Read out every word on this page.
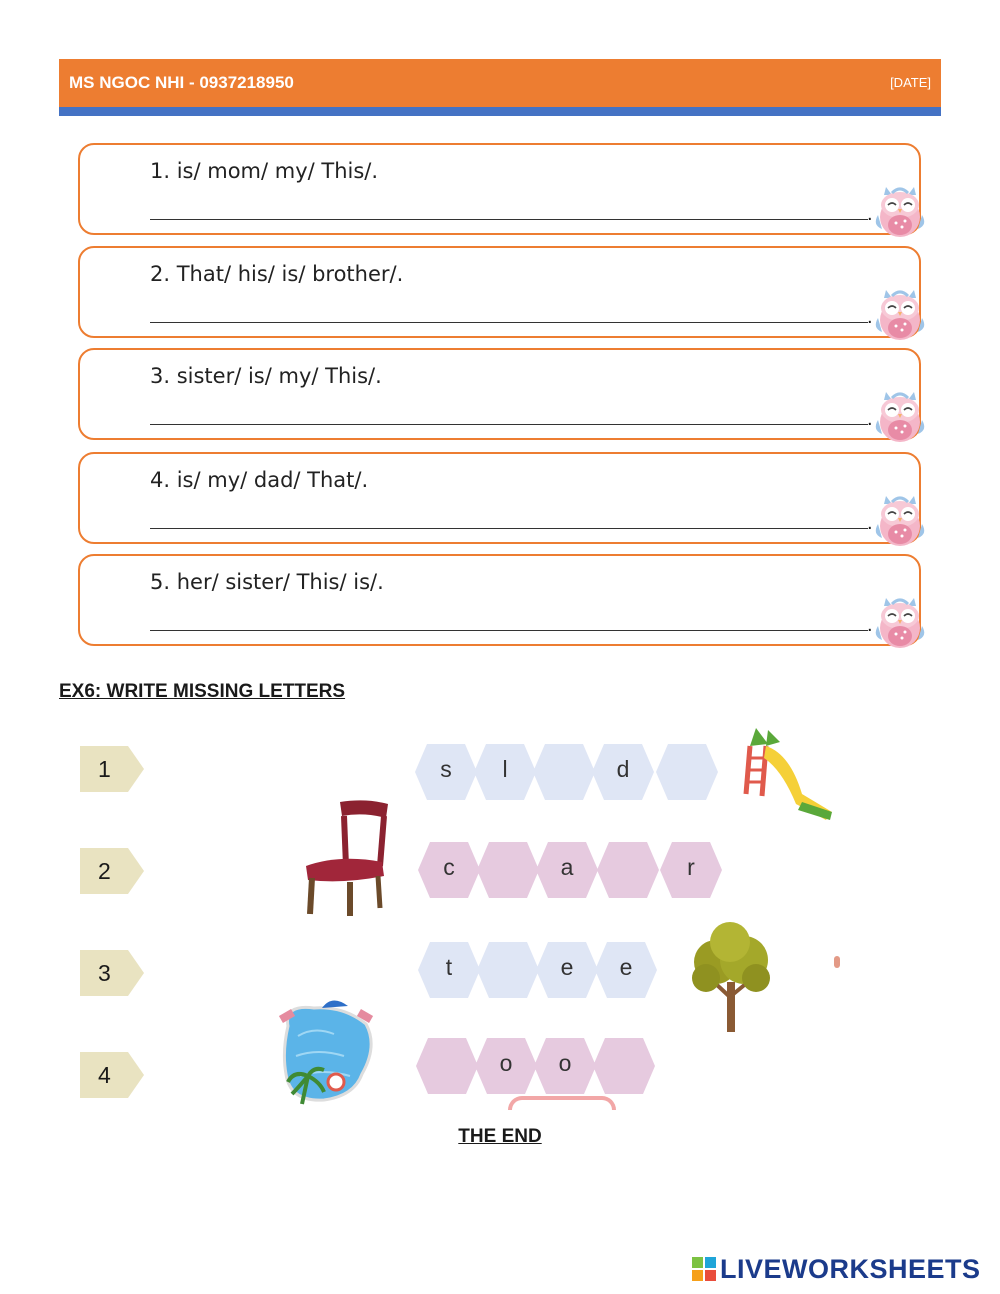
MS NGOC NHI - 0937218950	[DATE]
1. is/ mom/ my/ This/.
.
2. That/ his/ is/ brother/.
.
3. sister/ is/ my/ This/.
.
4. is/ my/ dad/ That/.
.
5. her/ sister/ This/ is/.
.
EX6: WRITE MISSING LETTERS
1
2
3
4
s	l	d
c	a	r
t	e	e
o	o
THE END
LIVEWORKSHEETS
